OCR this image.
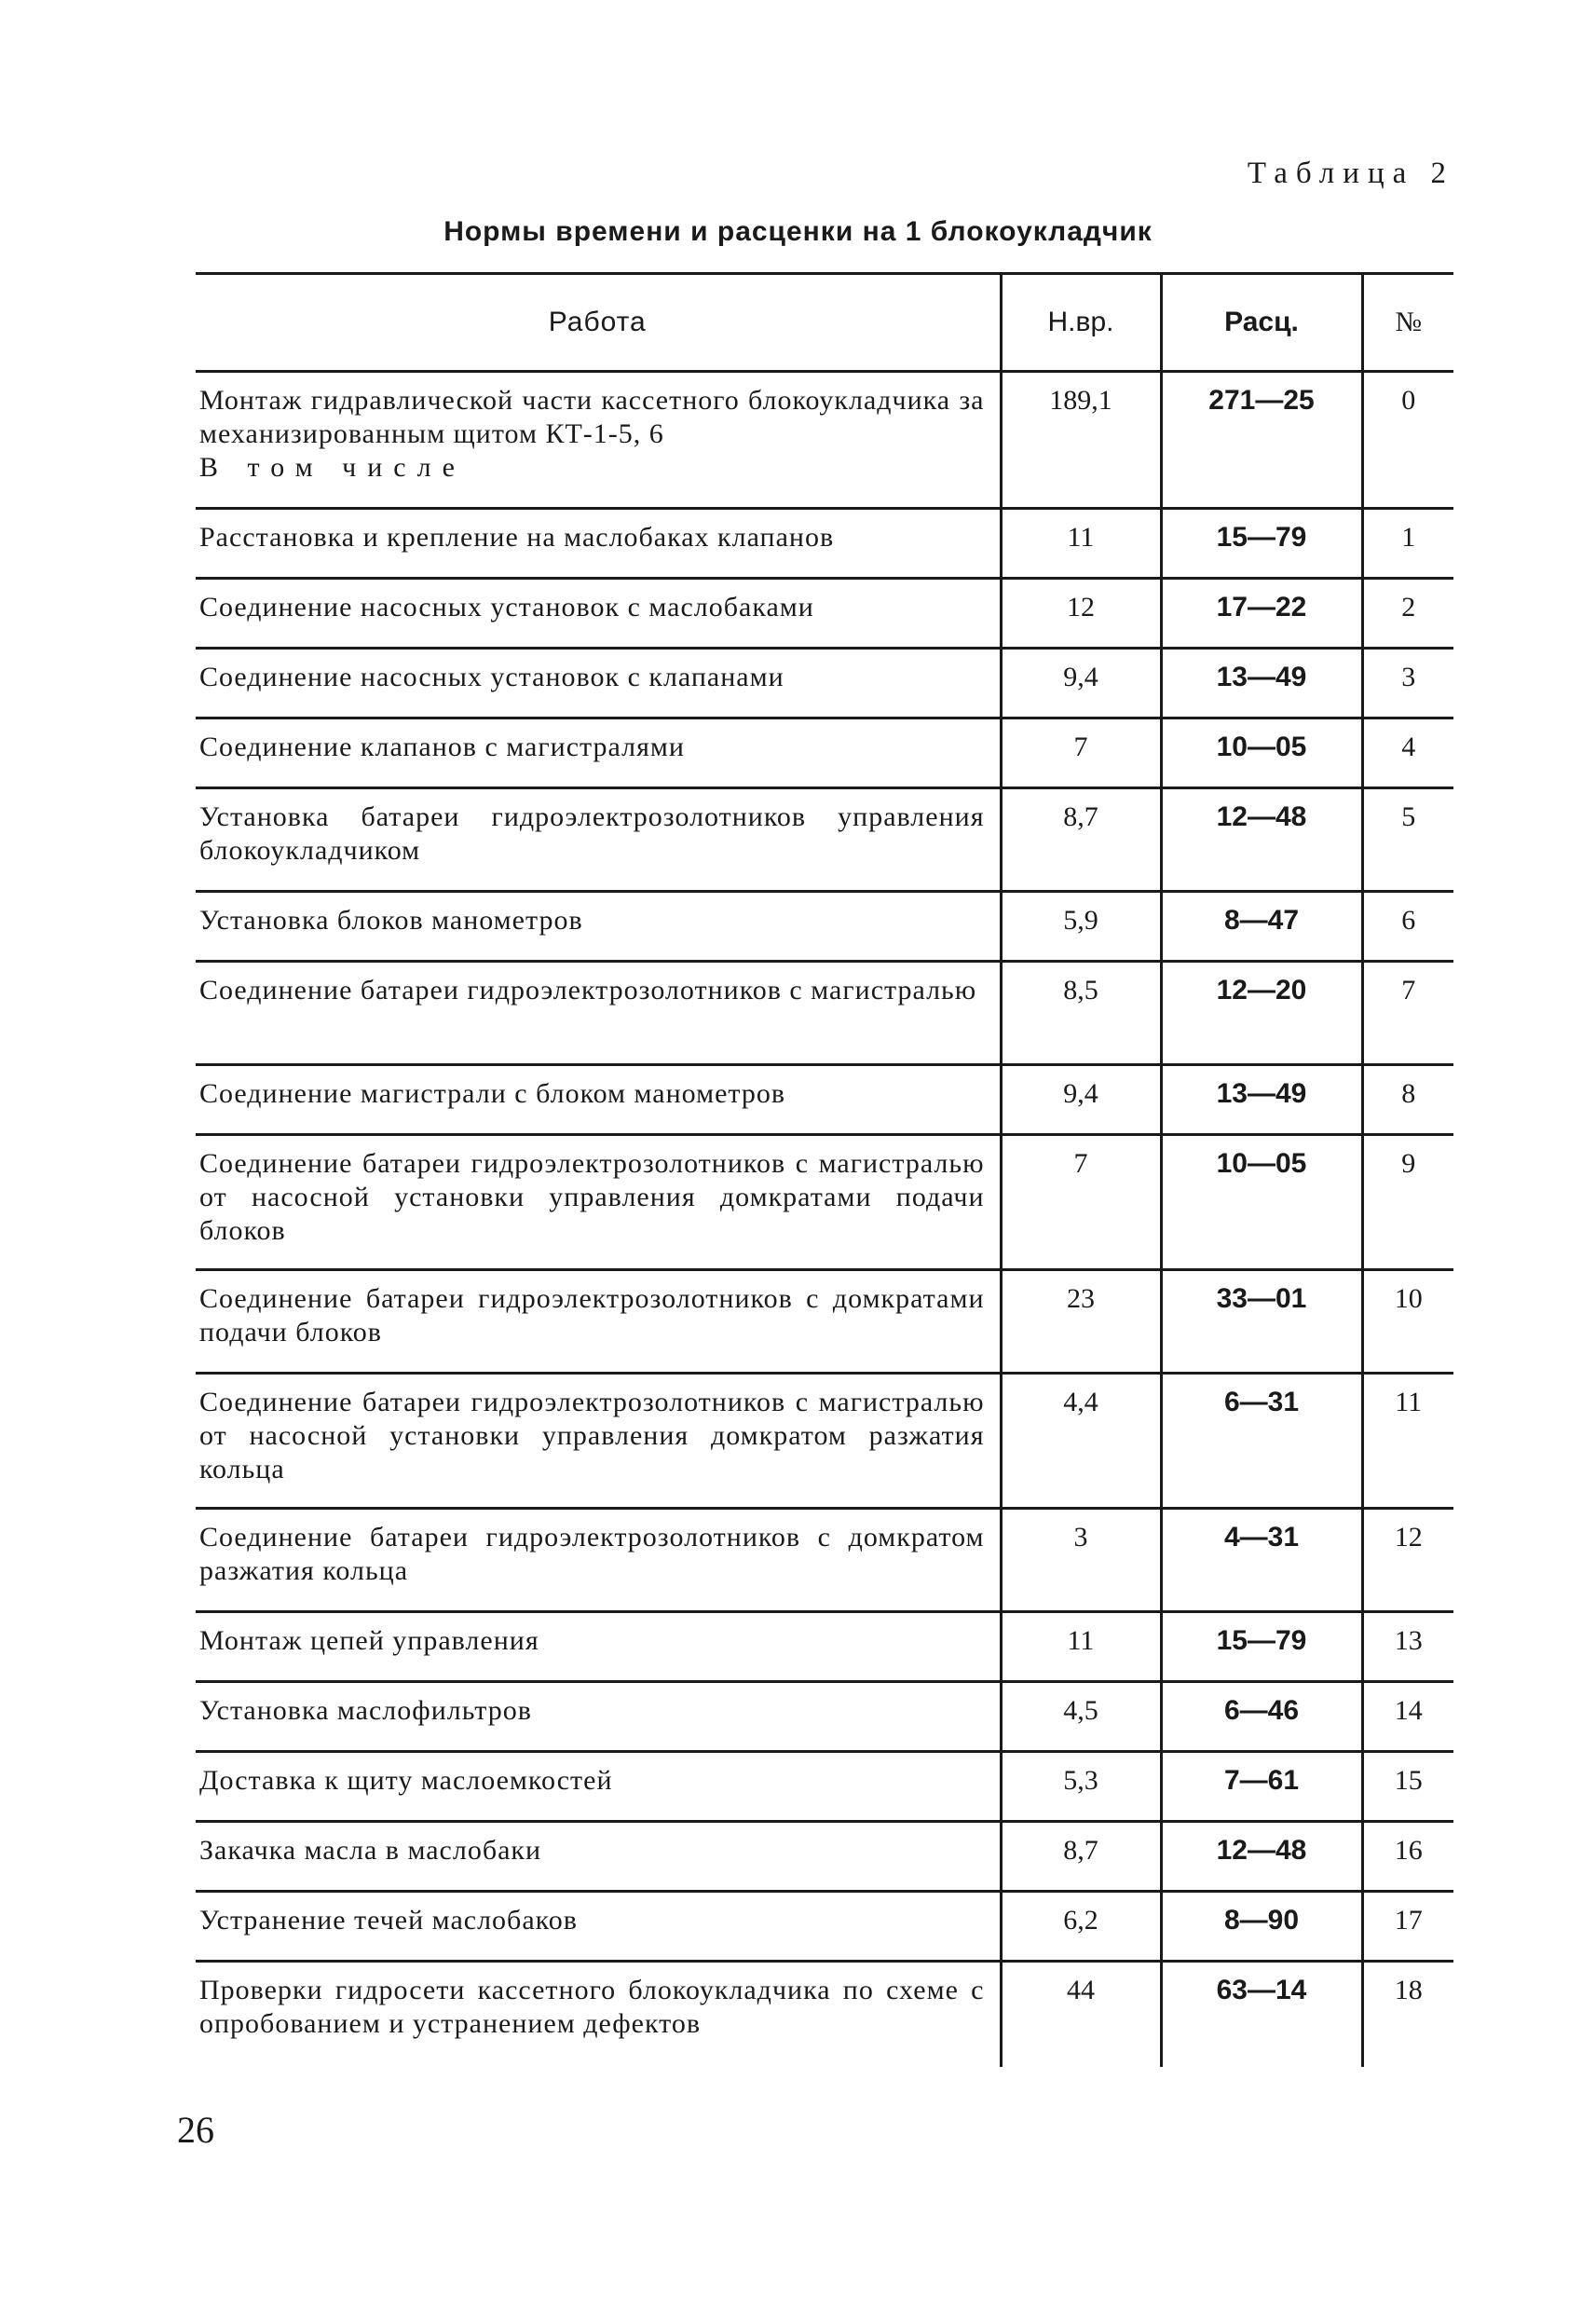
Таблица 2
Нормы времени и расценки на 1 блокоукладчик
Работа	Н.вр.	Расц.	№
Монтаж гидравлической части кассетного блокоукладчика за механизированным щитом КТ-1-5, 6
В том числе	189,1	271—25	0
Расстановка и крепление на маслобаках клапанов	11	15—79	1
Соединение насосных установок с маслобаками	12	17—22	2
Соединение насосных установок с клапанами	9,4	13—49	3
Соединение клапанов с магистралями	7	10—05	4
Установка батареи гидроэлектрозолотников управления блокоукладчиком	8,7	12—48	5
Установка блоков манометров	5,9	8—47	6
Соединение батареи гидроэлектрозолотников с магистралью	8,5	12—20	7
Соединение магистрали с блоком манометров	9,4	13—49	8
Соединение батареи гидроэлектрозолотников с магистралью от насосной установки управления домкратами подачи блоков	7	10—05	9
Соединение батареи гидроэлектрозолотников с домкратами подачи блоков	23	33—01	10
Соединение батареи гидроэлектрозолотников с магистралью от насосной установки управления домкратом разжатия кольца	4,4	6—31	11
Соединение батареи гидроэлектрозолотников с домкратом разжатия кольца	3	4—31	12
Монтаж цепей управления	11	15—79	13
Установка маслофильтров	4,5	6—46	14
Доставка к щиту маслоемкостей	5,3	7—61	15
Закачка масла в маслобаки	8,7	12—48	16
Устранение течей маслобаков	6,2	8—90	17
Проверки гидросети кассетного блокоукладчика по схеме с опробованием и устранением дефектов	44	63—14	18
26
